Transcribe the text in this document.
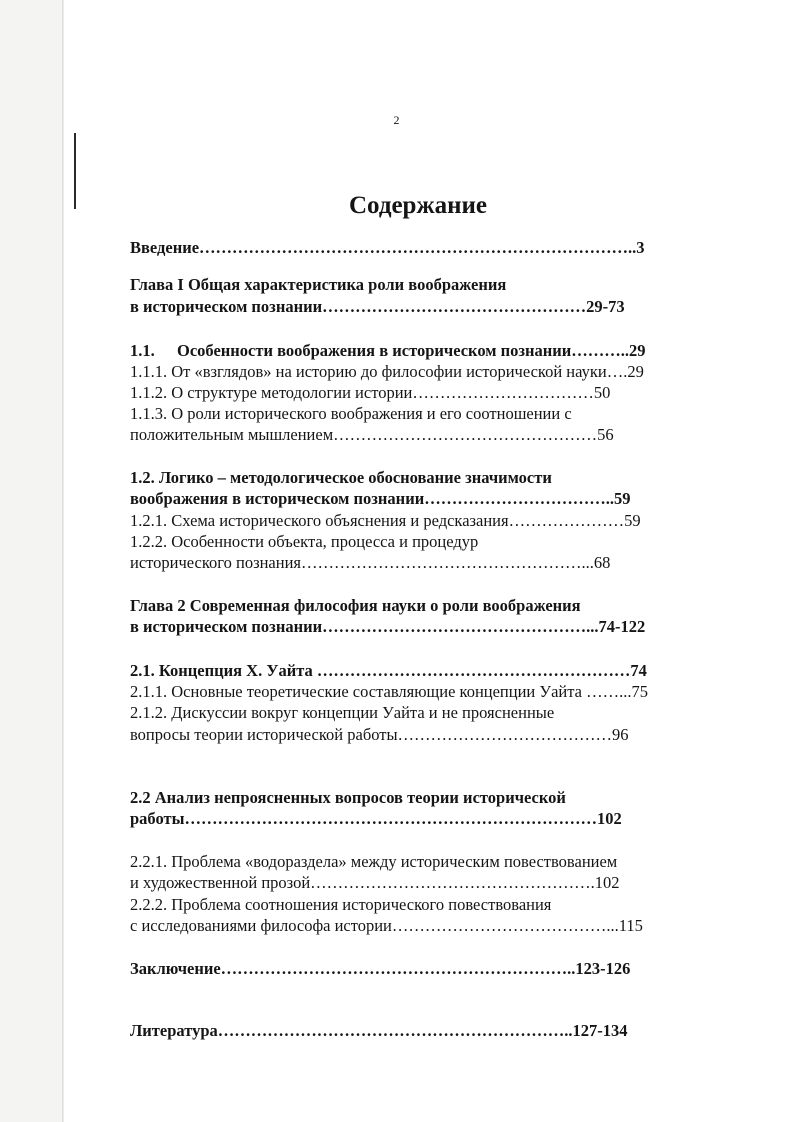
2
Содержание
Введение……………………………………………………………………..3
Глава I Общая характеристика роли воображения
в историческом познании…………………………………………29-73
1.1. Особенности воображения в историческом познании………..29
1.1.1. От «взглядов» на историю до философии исторической науки….29
1.1.2. О структуре методологии истории……………………………50
1.1.3. О роли исторического воображения и его соотношении с
положительным мышлением…………………………………………56
1.2. Логико – методологическое обоснование значимости
воображения в историческом познании……………………………..59
1.2.1. Схема исторического объяснения и редсказания…………………59
1.2.2. Особенности объекта, процесса и процедур
исторического познания……………………………………………...68
Глава 2 Современная философия науки о роли воображения
в историческом познании…………………………………………...74-122
2.1. Концепция Х. Уайта …………………………………………………74
2.1.1. Основные теоретические составляющие концепции Уайта ……...75
2.1.2. Дискуссии вокруг концепции Уайта и не проясненные
вопросы теории исторической работы…………………………………96
2.2 Анализ непроясненных вопросов теории исторической
работы…………………………………………………………………102
2.2.1. Проблема «водораздела» между историческим повествованием
и художественной прозой…………………………………………….102
2.2.2. Проблема соотношения исторического повествования
с исследованиями философа истории…………………………………...115
Заключение………………………………………………………..123-126
Литература………………………………………………………..127-134
